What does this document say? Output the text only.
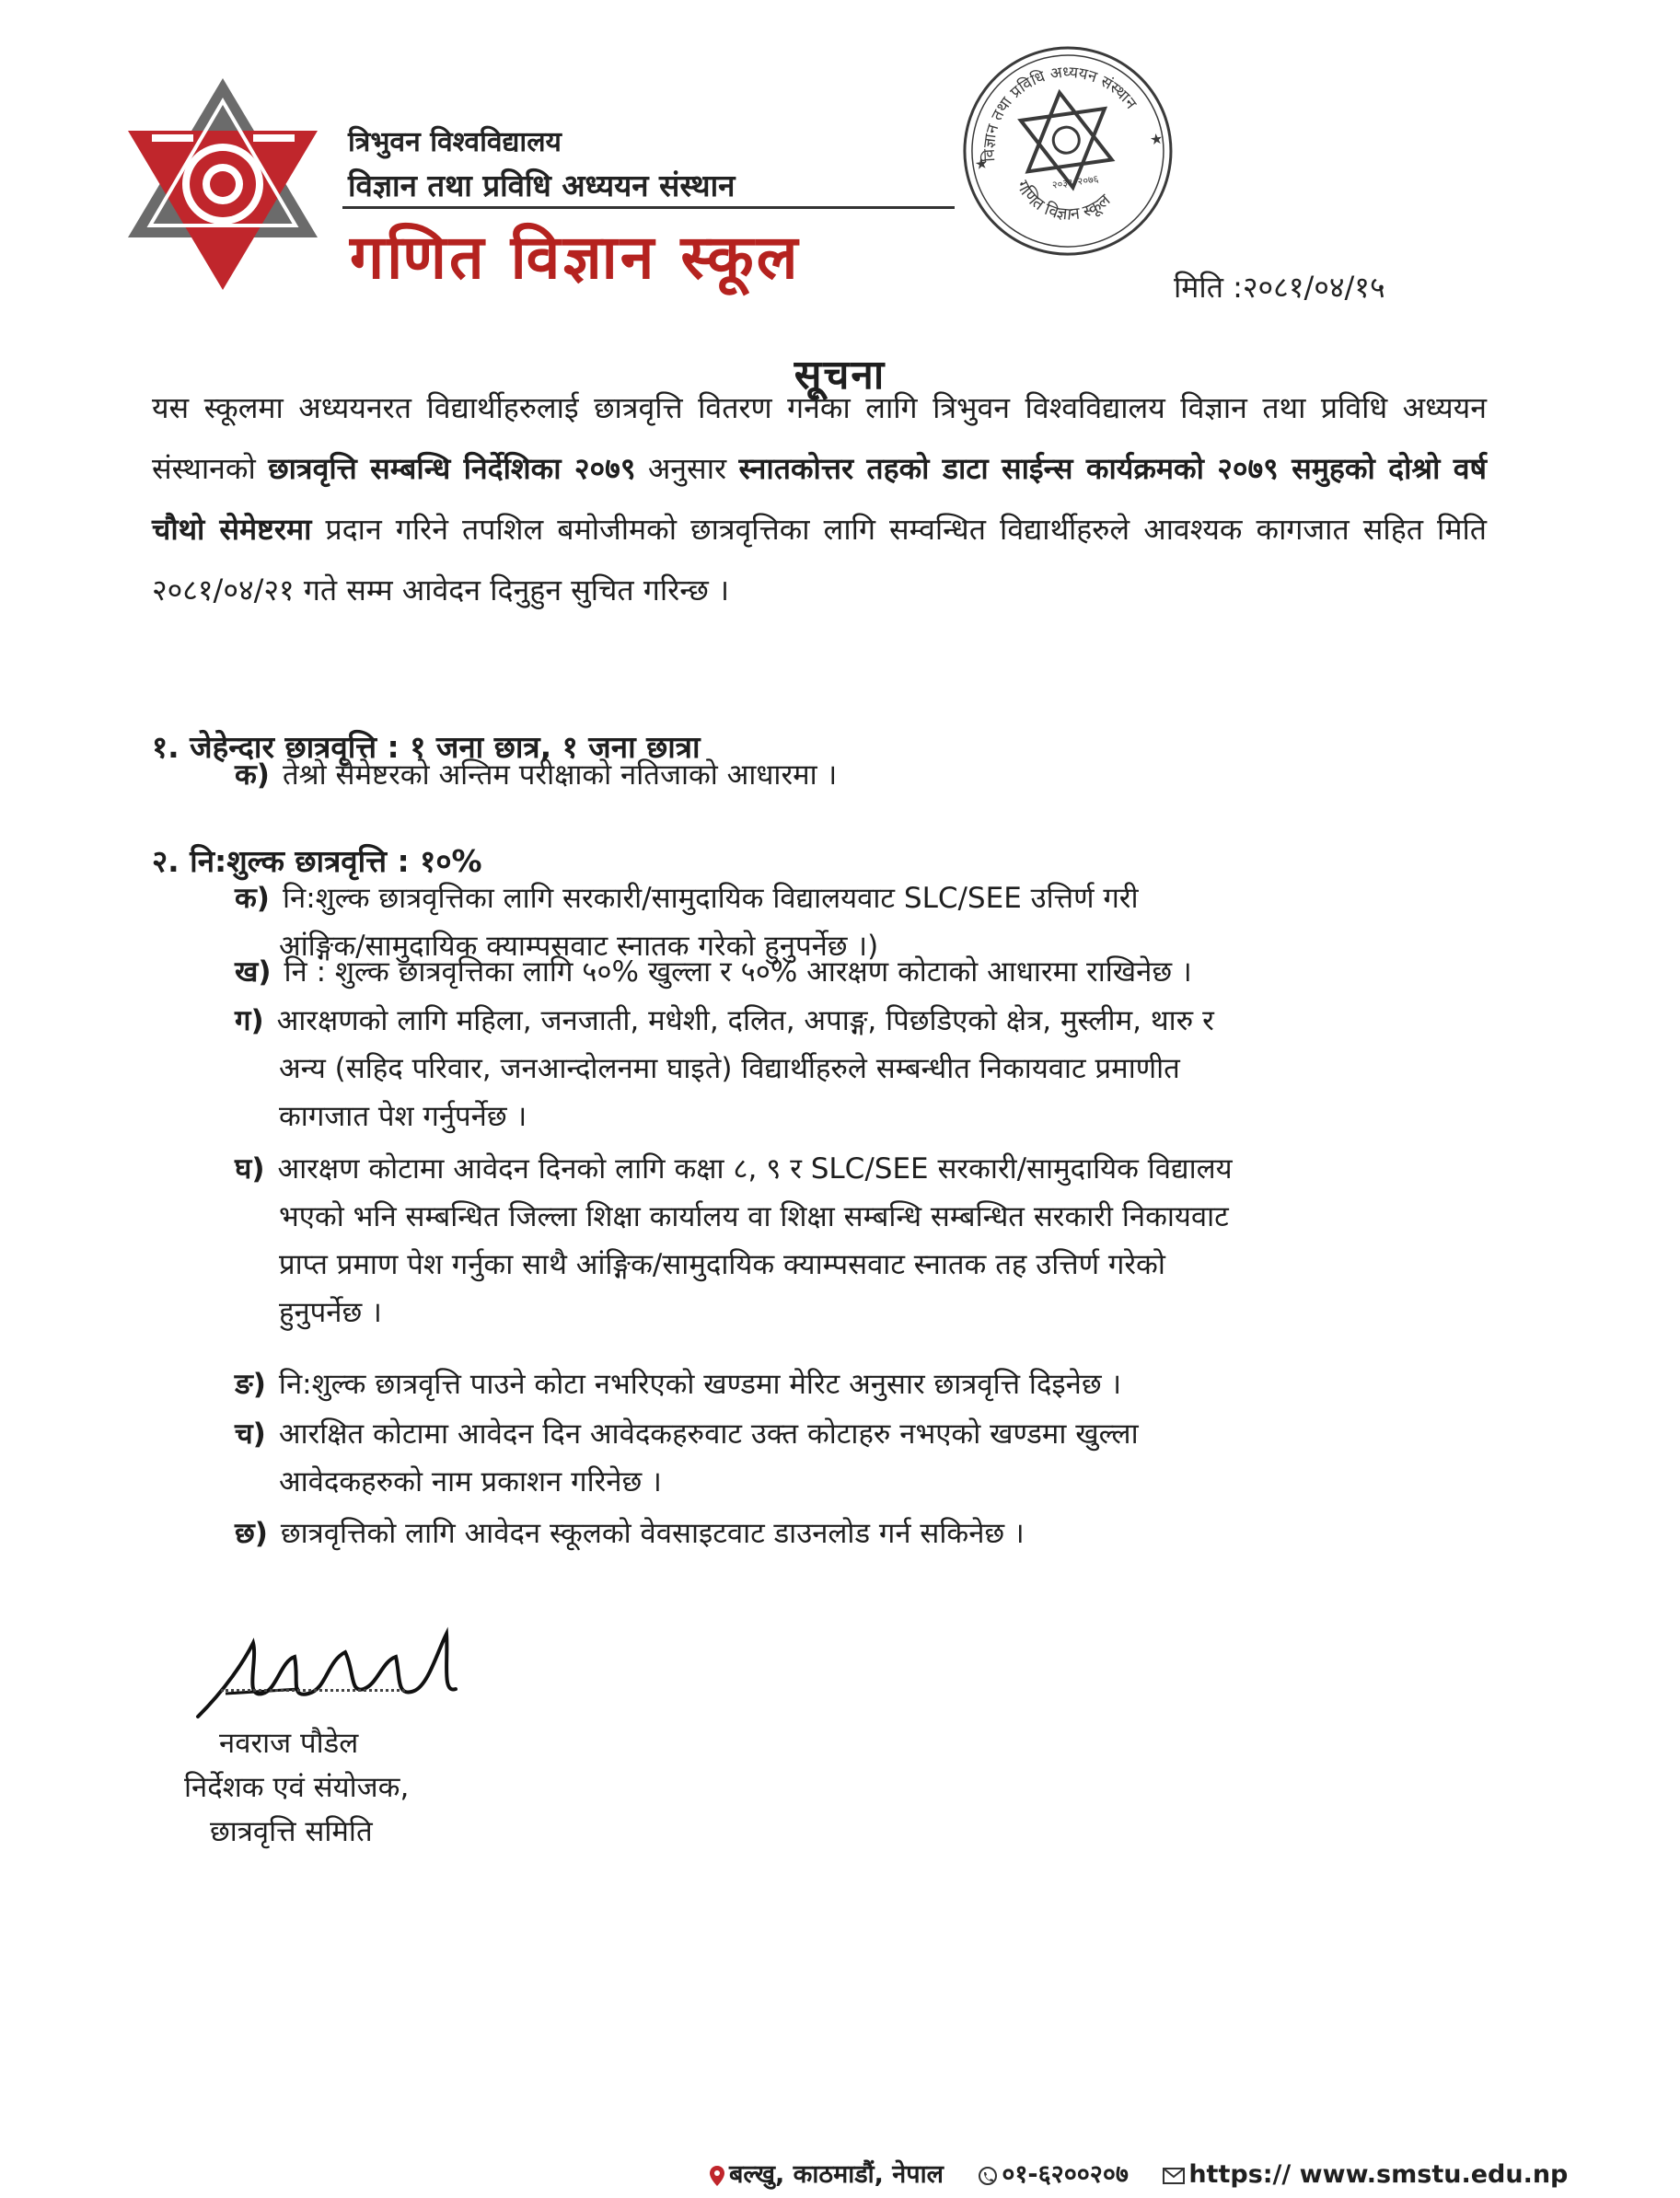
त्रिभुवन विश्वविद्यालय
विज्ञान तथा प्रविधि अध्ययन संस्थान
गणित विज्ञान स्कूल
विज्ञान तथा प्रविधि अध्ययन संस्थान
गणित विज्ञान स्कूल
२०३१ २०७६
★
★
मिति :२०८१/०४/१५
सूचना
यस स्कूलमा अध्ययनरत विद्यार्थीहरुलाई छात्रवृत्ति वितरण गर्नका लागि त्रिभुवन विश्वविद्यालय विज्ञान तथा प्रविधि अध्ययन संस्थानको छात्रवृत्ति सम्बन्धि निर्देशिका २०७९ अनुसार स्नातकोत्तर तहको डाटा साईन्स कार्यक्रमको २०७९ समुहको दोश्रो वर्ष चौथो सेमेष्टरमा प्रदान गरिने तपशिल बमोजीमको छात्रवृत्तिका लागि सम्वन्धित विद्यार्थीहरुले आवश्यक कागजात सहित मिति २०८१/०४/२१ गते सम्म आवेदन दिनुहुन सुचित गरिन्छ ।
१. जेहेन्दार छात्रवृत्ति : १ जना छात्र, १ जना छात्रा
क) तेश्रो सेमेष्टरको अन्तिम परीक्षाको नतिजाको आधारमा ।
२. नि:शुल्क छात्रवृत्ति : १०%
क) नि:शुल्क छात्रवृत्तिका लागि सरकारी/सामुदायिक विद्यालयवाट SLC/SEE उत्तिर्ण गरी
आंङ्गिक/सामुदायिक क्याम्पसवाट स्नातक गरेको हुनुपर्नेछ ।)
ख) नि : शुल्क छात्रवृत्तिका लागि ५०% खुल्ला र ५०% आरक्षण कोटाको आधारमा राखिनेछ ।
ग) आरक्षणको लागि महिला, जनजाती, मधेशी, दलित, अपाङ्ग, पिछडिएको क्षेत्र, मुस्लीम, थारु र
अन्य (सहिद परिवार, जनआन्दोलनमा घाइते) विद्यार्थीहरुले सम्बन्धीत निकायवाट प्रमाणीत
कागजात पेश गर्नुपर्नेछ ।
घ) आरक्षण कोटामा आवेदन दिनको लागि कक्षा ८, ९ र SLC/SEE सरकारी/सामुदायिक विद्यालय
भएको भनि सम्बन्धित जिल्ला शिक्षा कार्यालय वा शिक्षा सम्बन्धि सम्बन्धित सरकारी निकायवाट
प्राप्त प्रमाण पेश गर्नुका साथै आंङ्गिक/सामुदायिक क्याम्पसवाट स्नातक तह उत्तिर्ण गरेको
हुनुपर्नेछ ।
ङ) नि:शुल्क छात्रवृत्ति पाउने कोटा नभरिएको खण्डमा मेरिट अनुसार छात्रवृत्ति दिइनेछ ।
च) आरक्षित कोटामा आवेदन दिन आवेदकहरुवाट उक्त कोटाहरु नभएको खण्डमा खुल्ला
आवेदकहरुको नाम प्रकाशन गरिनेछ ।
छ) छात्रवृत्तिको लागि आवेदन स्कूलको वेवसाइटवाट डाउनलोड गर्न सकिनेछ ।
नवराज पौडेल
निर्देशक एवं संयोजक,
छात्रवृत्ति समिति
बल्खु, काठमाडौं, नेपाल ०१-६२००२०७ https:// www.smstu.edu.np
